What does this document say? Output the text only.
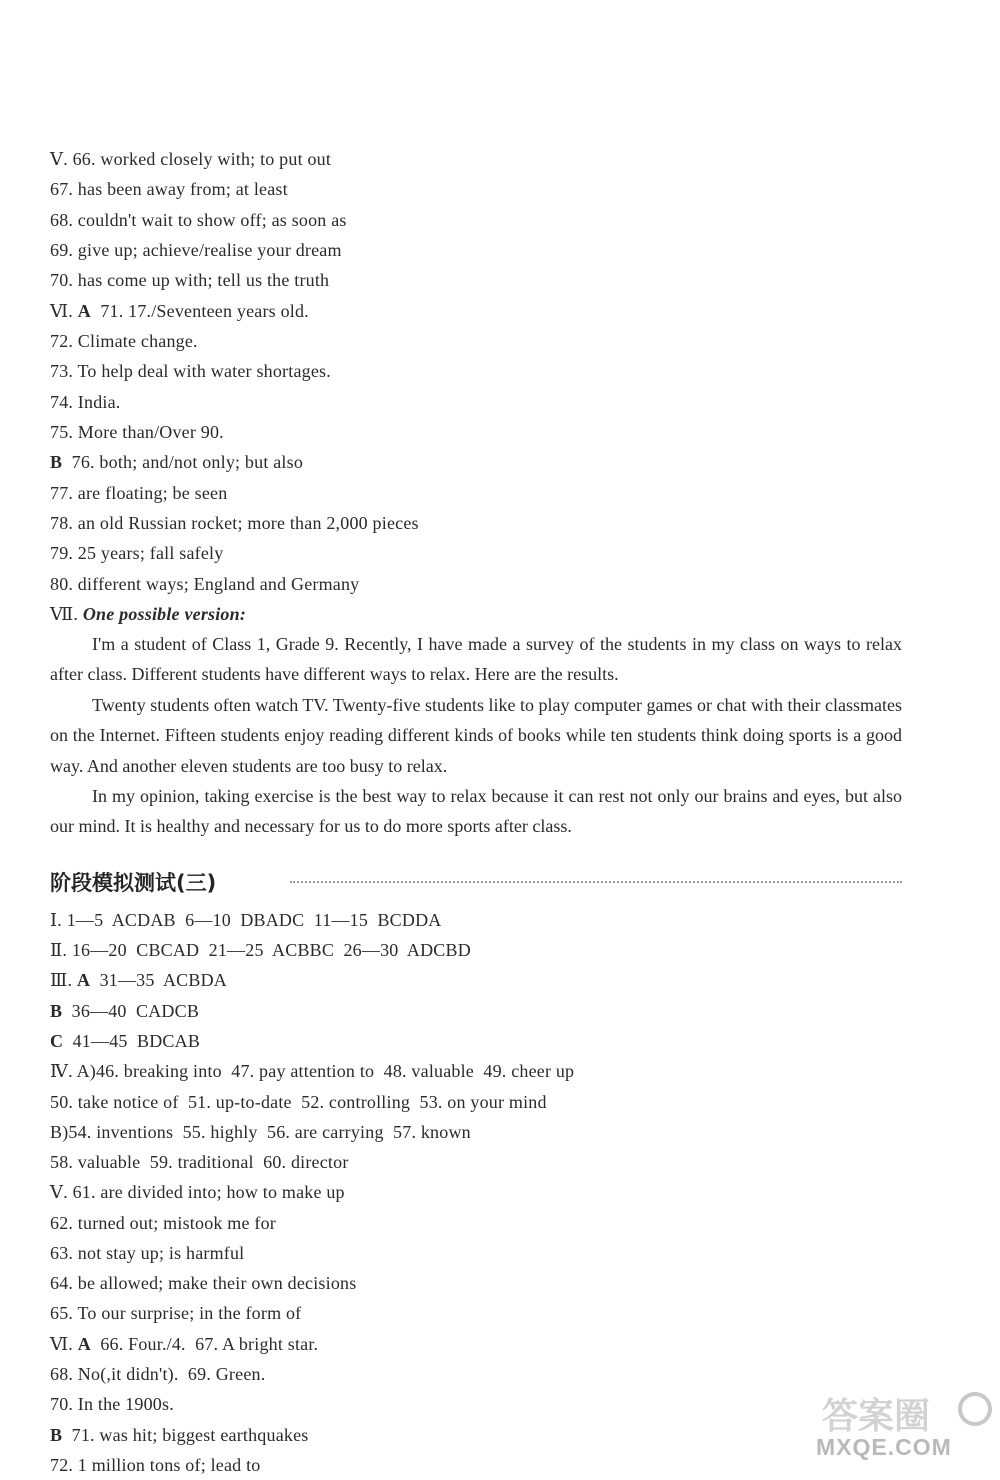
Ⅴ. 66. worked closely with; to put out
67. has been away from; at least
68. couldn't wait to show off; as soon as
69. give up; achieve/realise your dream
70. has come up with; tell us the truth
Ⅵ. A 71. 17./Seventeen years old.
72. Climate change.
73. To help deal with water shortages.
74. India.
75. More than/Over 90.
B 76. both; and/not only; but also
77. are floating; be seen
78. an old Russian rocket; more than 2,000 pieces
79. 25 years; fall safely
80. different ways; England and Germany
Ⅶ. One possible version:

I'm a student of Class 1, Grade 9. Recently, I have made a survey of the students in my class on ways to relax after class. Different students have different ways to relax. Here are the results.

Twenty students often watch TV. Twenty-five students like to play computer games or chat with their classmates on the Internet. Fifteen students enjoy reading different kinds of books while ten students think doing sports is a good way. And another eleven students are too busy to relax.

In my opinion, taking exercise is the best way to relax because it can rest not only our brains and eyes, but also our mind. It is healthy and necessary for us to do more sports after class.

阶段模拟测试(三)
Ⅰ. 1—5  ACDAB  6—10  DBADC  11—15  BCDDA
Ⅱ. 16—20  CBCAD  21—25  ACBBC  26—30  ADCBD
Ⅲ. A 31—35  ACBDA
B 36—40  CADCB
C 41—45  BDCAB
Ⅳ. A)46. breaking into  47. pay attention to  48. valuable  49. cheer up
50. take notice of  51. up-to-date  52. controlling  53. on your mind
B)54. inventions  55. highly  56. are carrying  57. known
58. valuable  59. traditional  60. director
Ⅴ. 61. are divided into; how to make up
62. turned out; mistook me for
63. not stay up; is harmful
64. be allowed; make their own decisions
65. To our surprise; in the form of
Ⅵ. A 66. Four./4.  67. A bright star.
68. No(,it didn't).  69. Green.
70. In the 1900s.
B 71. was hit; biggest earthquakes
72. 1 million tons of; lead to
答案圈
MXQE.COM
